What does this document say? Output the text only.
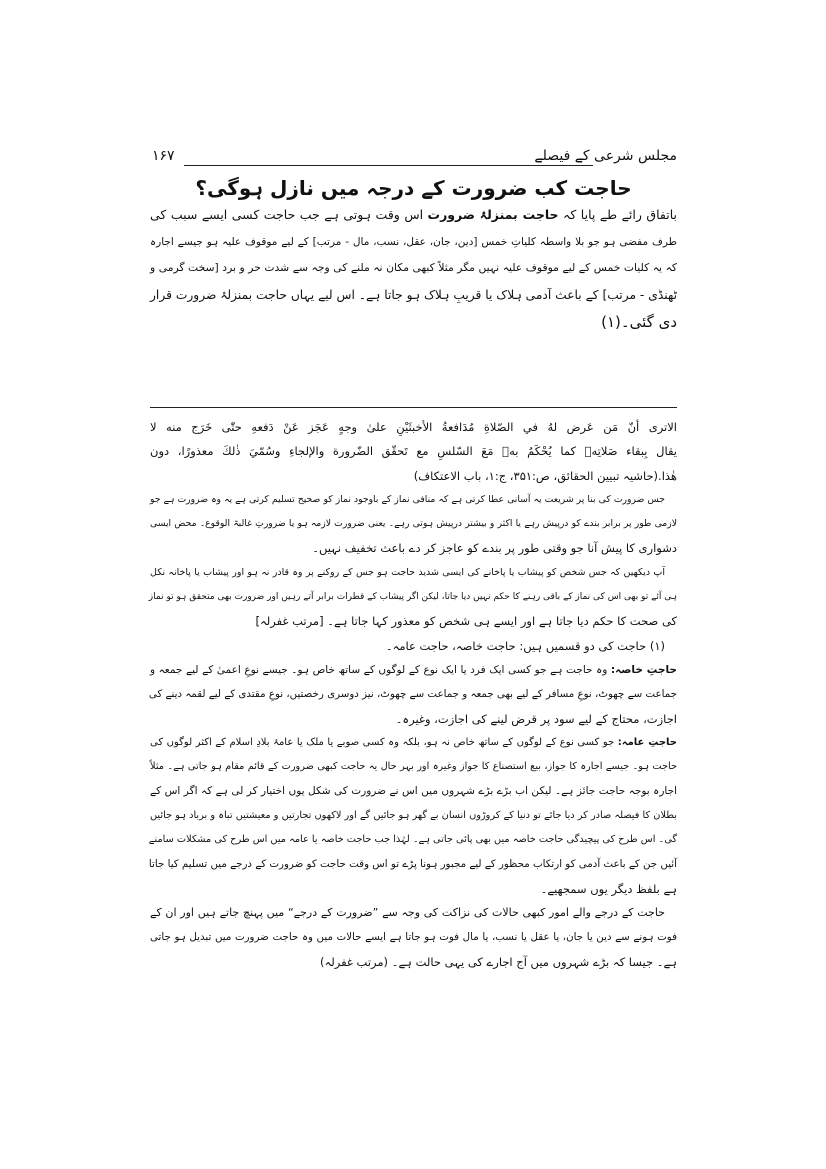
مجلس شرعی کے فیصلے
۱۶۷
حاجت کب ضرورت کے درجہ میں نازل ہوگی؟
باتفاق رائے طے پایا کہ حاجت بمنزلۂ ضرورت اس وقت ہوتی ہے جب حاجت کسی ایسے سبب کی
طرف مفضی ہو جو بلا واسطہ کلیاتِ خمس [دین، جان، عقل، نسب، مال - مرتب] کے لیے موقوف علیہ ہو جیسے اجارہ
کہ یہ کلیات خمس کے لیے موقوف علیہ نہیں مگر مثلاً کبھی مکان نہ ملنے کی وجہ سے شدت حر و برد [سخت گرمی و
ٹھنڈی - مرتب] کے باعث آدمی ہلاک یا قریبِ ہلاک ہو جاتا ہے۔ اس لیے یہاں حاجت بمنزلۂ ضرورت قرار
دی گئی۔(۱)
الاترى أنّ مَن عَرض لهُ في الصّلاةِ مُدَافعةُ الأخبثَيْنِ علىٰ وجهٍ عَجَز عَنْ دَفعهِ حتّٰى خَرَج منه لا
يقال بِبقاء صَلاتِهٖ كما يُحْكَمُ بهٖ مَعَ السّلسِ مع تَحقّق الضّرورة والإلجاءِ وسُمّيَ ذٰلكَ معذورًا، دون
هٰذا.(حاشیہ تبیین الحقائق، ص:۳۵۱، ج:۱، باب الاعتکاف)
جس ضرورت کی بنا پر شریعت یہ آسانی عطا کرتی ہے کہ منافی نماز کے باوجود نماز کو صحیح تسلیم کرتی ہے یہ وہ ضرورت ہے جو
لازمی طور پر برابر بندے کو درپیش رہے یا اکثر و بیشتر درپیش ہوتی رہے۔ یعنی ضرورت لازمہ ہو یا ضرورتِ غالبۃ الوقوع۔ محض ایسی
دشواری کا پیش آنا جو وقتی طور پر بندے کو عاجز کر دے باعث تخفیف نہیں۔
آپ دیکھیں کہ جس شخص کو پیشاب یا پاخانے کی ایسی شدید حاجت ہو جس کے روکنے پر وہ قادر نہ ہو اور پیشاب یا پاخانہ نکل
ہی آئے تو بھی اس کی نماز کے باقی رہنے کا حکم نہیں دیا جاتا، لیکن اگر پیشاب کے قطرات برابر آتے رہیں اور ضرورت بھی متحقق ہو تو نماز
کی صحت کا حکم دیا جاتا ہے اور ایسے ہی شخص کو معذور کہا جاتا ہے۔ [مرتب غفرلہ]
(۱) حاجت کی دو قسمیں ہیں: حاجت خاصہ، حاجت عامہ۔
حاجتِ خاصہ: وہ حاجت ہے جو کسی ایک فرد یا ایک نوع کے لوگوں کے ساتھ خاص ہو۔ جیسے نوعِ اعمیٰ کے لیے جمعہ و
جماعت سے چھوٹ، نوعِ مسافر کے لیے بھی جمعہ و جماعت سے چھوٹ، نیز دوسری رخصتیں، نوعِ مقتدی کے لیے لقمہ دینے کی
اجازت، محتاج کے لیے سود پر قرض لینے کی اجازت، وغیرہ۔
حاجتِ عامہ: جو کسی نوع کے لوگوں کے ساتھ خاص نہ ہو، بلکہ وہ کسی صوبے یا ملک یا عامۂ بلادِ اسلام کے اکثر لوگوں کی
حاجت ہو۔ جیسے اجارہ کا جواز، بیع استصناع کا جواز وغیرہ اور بہر حال یہ حاجت کبھی ضرورت کے قائم مقام ہو جاتی ہے۔ مثلاً
اجارہ بوجہ حاجت جائز ہے۔ لیکن اب بڑے بڑے شہروں میں اس نے ضرورت کی شکل یوں اختیار کر لی ہے کہ اگر اس کے
بطلان کا فیصلہ صادر کر دیا جائے تو دنیا کے کروڑوں انسان بے گھر ہو جائیں گے اور لاکھوں تجارتیں و معیشتیں تباہ و برباد ہو جائیں
گی۔ اس طرح کی پیچیدگی حاجت خاصہ میں بھی پائی جاتی ہے۔ لہٰذا جب حاجت خاصہ یا عامہ میں اس طرح کی مشکلات سامنے
آئیں جن کے باعث آدمی کو ارتکاب محظور کے لیے مجبور ہونا پڑے تو اس وقت حاجت کو ضرورت کے درجے میں تسلیم کیا جاتا
ہے بلفظ دیگر یوں سمجھیے۔
حاجت کے درجے والے امور کبھی حالات کی نزاکت کی وجہ سے ”ضرورت کے درجے“ میں پہنچ جاتے ہیں اور ان کے
فوت ہونے سے دین یا جان، یا عقل یا نسب، یا مال فوت ہو جاتا ہے ایسے حالات میں وہ حاجت ضرورت میں تبدیل ہو جاتی
ہے۔ جیسا کہ بڑے شہروں میں آج اجارے کی یہی حالت ہے۔ (مرتب غفرلہ)
